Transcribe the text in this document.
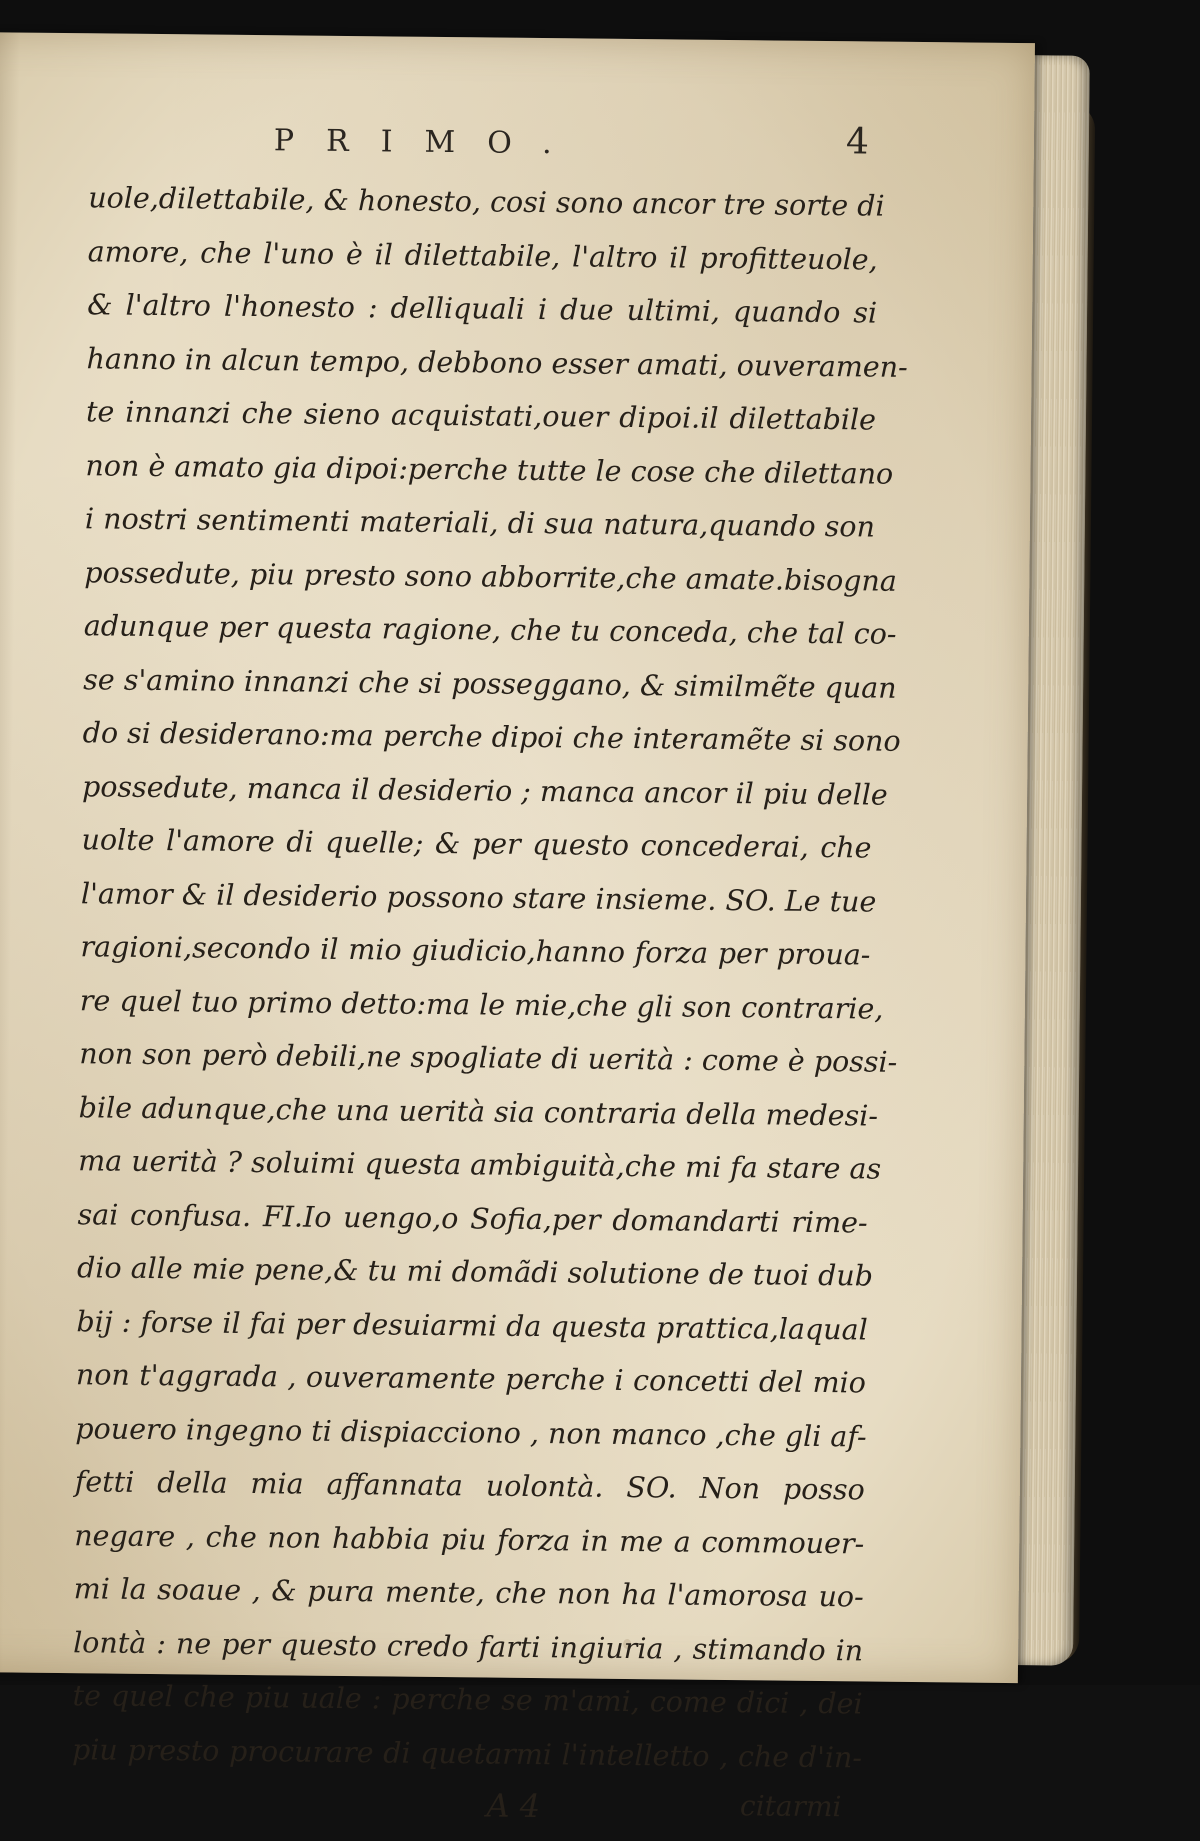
PRIMO.	4
uole,dilettabile, & honesto, cosi sono ancor tre sorte di
amore, che l'uno è il dilettabile, l'altro il profitteuole,
& l'altro l'honesto : delliquali i due ultimi, quando si
hanno in alcun tempo, debbono esser amati, ouveramen-
te innanzi che sieno acquistati,ouer dipoi.il dilettabile
non è amato gia dipoi:perche tutte le cose che dilettano
i nostri sentimenti materiali, di sua natura,quando son
possedute, piu presto sono abborrite,che amate.bisogna
adunque per questa ragione, che tu conceda, che tal co-
se s'amino innanzi che si posseggano, & similmẽte quan
do si desiderano:ma perche dipoi che interamẽte si sono
possedute, manca il desiderio ; manca ancor il piu delle
uolte l'amore di quelle; & per questo concederai, che
l'amor & il desiderio possono stare insieme. SO. Le tue
ragioni,secondo il mio giudicio,hanno forza per proua-
re quel tuo primo detto:ma le mie,che gli son contrarie,
non son però debili,ne spogliate di uerità : come è possi-
bile adunque,che una uerità sia contraria della medesi-
ma uerità ? soluimi questa ambiguità,che mi fa stare as
sai confusa. FI.Io uengo,o Sofia,per domandarti rime-
dio alle mie pene,& tu mi domãdi solutione de tuoi dub
bij : forse il fai per desuiarmi da questa prattica,laqual
non t'aggrada , ouveramente perche i concetti del mio
pouero ingegno ti dispiacciono , non manco ,che gli af-
fetti della mia affannata uolontà. SO. Non posso
negare , che non habbia piu forza in me a commouer-
mi la soaue , & pura mente, che non ha l'amorosa uo-
lontà : ne per questo credo farti ingiuria , stimando in
te quel che piu uale : perche se m'ami, come dici , dei
piu presto procurare di quetarmi l'intelletto , che d'in-
A 4	citarmi
